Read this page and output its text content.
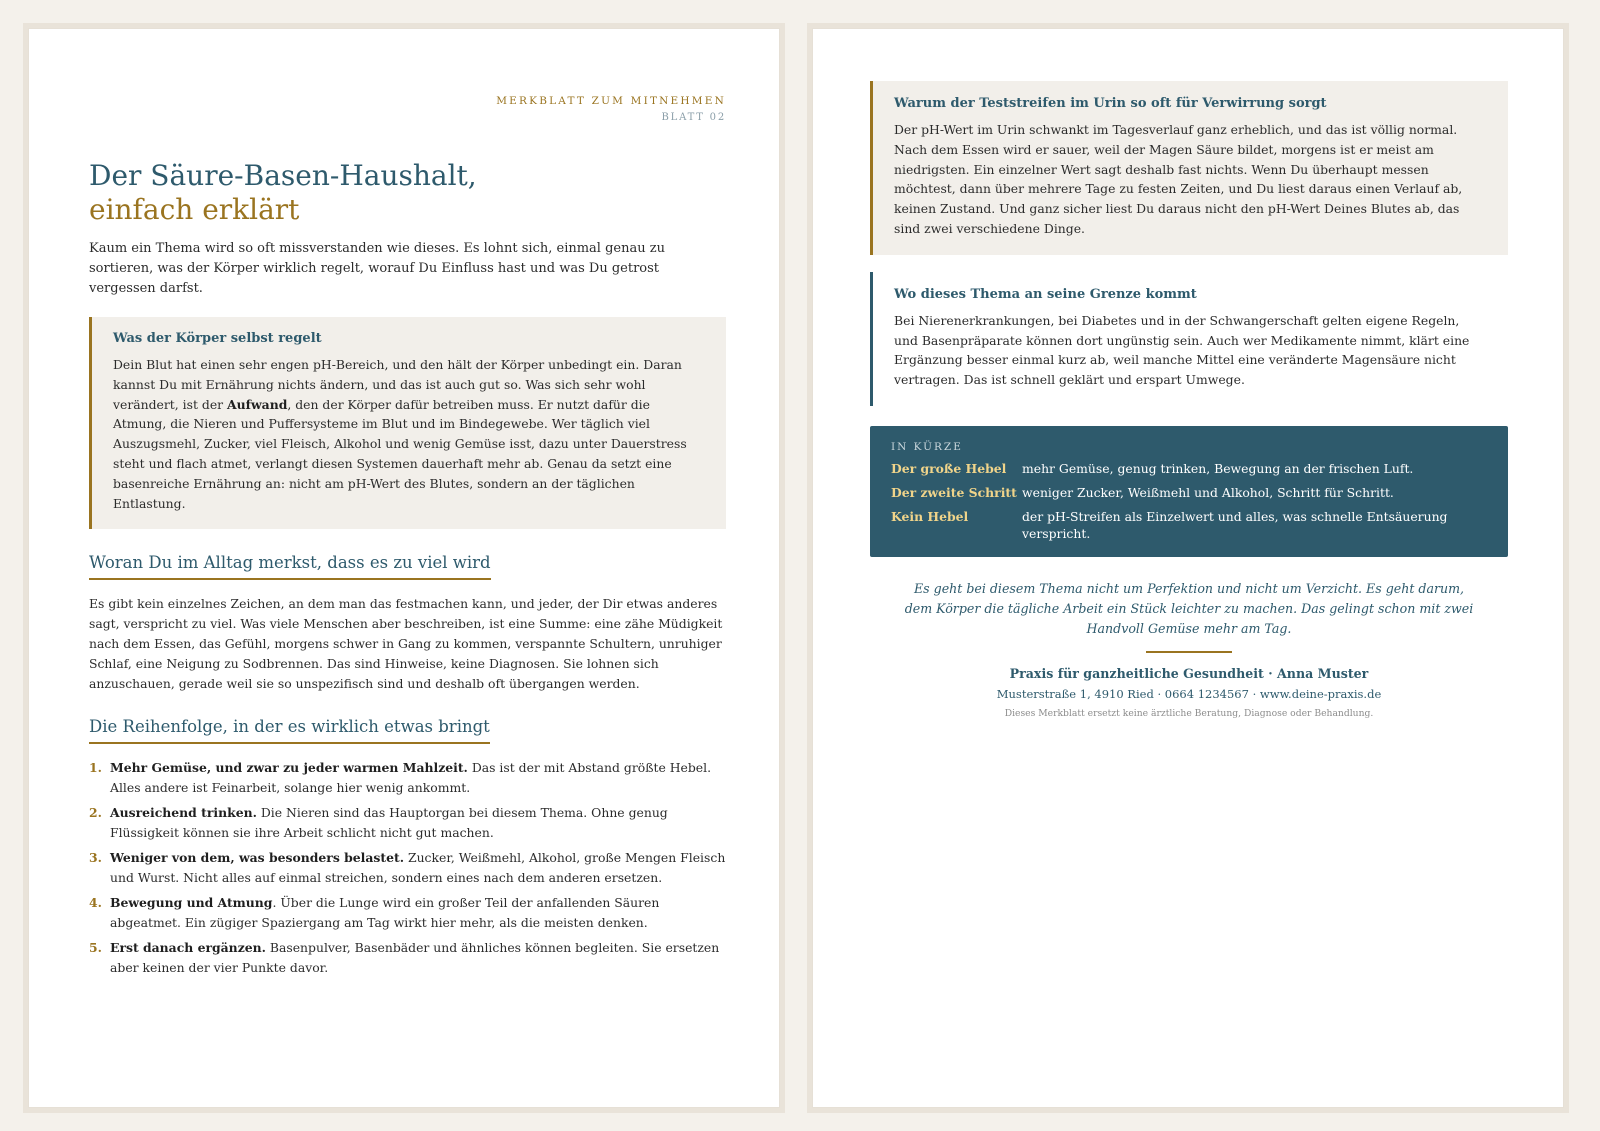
MERKBLATT ZUM MITNEHMEN
BLATT 02
Der Säure-Basen-Haushalt,
einfach erklärt
Kaum ein Thema wird so oft missverstanden wie dieses. Es lohnt sich, einmal genau zu sortieren, was der Körper wirklich regelt, worauf Du Einfluss hast und was Du getrost vergessen darfst.
Was der Körper selbst regelt
Dein Blut hat einen sehr engen pH-Bereich, und den hält der Körper unbedingt ein. Daran kannst Du mit Ernährung nichts ändern, und das ist auch gut so. Was sich sehr wohl verändert, ist der Aufwand, den der Körper dafür betreiben muss. Er nutzt dafür die Atmung, die Nieren und Puffersysteme im Blut und im Bindegewebe. Wer täglich viel Auszugsmehl, Zucker, viel Fleisch, Alkohol und wenig Gemüse isst, dazu unter Dauerstress steht und flach atmet, verlangt diesen Systemen dauerhaft mehr ab. Genau da setzt eine basenreiche Ernährung an: nicht am pH-Wert des Blutes, sondern an der täglichen Entlastung.
Woran Du im Alltag merkst, dass es zu viel wird
Es gibt kein einzelnes Zeichen, an dem man das festmachen kann, und jeder, der Dir etwas anderes sagt, verspricht zu viel. Was viele Menschen aber beschreiben, ist eine Summe: eine zähe Müdigkeit nach dem Essen, das Gefühl, morgens schwer in Gang zu kommen, verspannte Schultern, unruhiger Schlaf, eine Neigung zu Sodbrennen. Das sind Hinweise, keine Diagnosen. Sie lohnen sich anzuschauen, gerade weil sie so unspezifisch sind und deshalb oft übergangen werden.
Die Reihenfolge, in der es wirklich etwas bringt
1. Mehr Gemüse, und zwar zu jeder warmen Mahlzeit. Das ist der mit Abstand größte Hebel. Alles andere ist Feinarbeit, solange hier wenig ankommt.
2. Ausreichend trinken. Die Nieren sind das Hauptorgan bei diesem Thema. Ohne genug Flüssigkeit können sie ihre Arbeit schlicht nicht gut machen.
3. Weniger von dem, was besonders belastet. Zucker, Weißmehl, Alkohol, große Mengen Fleisch und Wurst. Nicht alles auf einmal streichen, sondern eines nach dem anderen ersetzen.
4. Bewegung und Atmung. Über die Lunge wird ein großer Teil der anfallenden Säuren abgeatmet. Ein zügiger Spaziergang am Tag wirkt hier mehr, als die meisten denken.
5. Erst danach ergänzen. Basenpulver, Basenbäder und ähnliches können begleiten. Sie ersetzen aber keinen der vier Punkte davor.
Warum der Teststreifen im Urin so oft für Verwirrung sorgt
Der pH-Wert im Urin schwankt im Tagesverlauf ganz erheblich, und das ist völlig normal. Nach dem Essen wird er sauer, weil der Magen Säure bildet, morgens ist er meist am niedrigsten. Ein einzelner Wert sagt deshalb fast nichts. Wenn Du überhaupt messen möchtest, dann über mehrere Tage zu festen Zeiten, und Du liest daraus einen Verlauf ab, keinen Zustand. Und ganz sicher liest Du daraus nicht den pH-Wert Deines Blutes ab, das sind zwei verschiedene Dinge.
Wo dieses Thema an seine Grenze kommt
Bei Nierenerkrankungen, bei Diabetes und in der Schwangerschaft gelten eigene Regeln, und Basenpräparate können dort ungünstig sein. Auch wer Medikamente nimmt, klärt eine Ergänzung besser einmal kurz ab, weil manche Mittel eine veränderte Magensäure nicht vertragen. Das ist schnell geklärt und erspart Umwege.
IN KÜRZE
Der große Hebel	mehr Gemüse, genug trinken, Bewegung an der frischen Luft.
Der zweite Schritt weniger Zucker, Weißmehl und Alkohol, Schritt für Schritt.
Kein Hebel	der pH-Streifen als Einzelwert und alles, was schnelle Entsäuerung verspricht.
Es geht bei diesem Thema nicht um Perfektion und nicht um Verzicht. Es geht darum, dem Körper die tägliche Arbeit ein Stück leichter zu machen. Das gelingt schon mit zwei Handvoll Gemüse mehr am Tag.
Praxis für ganzheitliche Gesundheit · Anna Muster
Musterstraße 1, 4910 Ried · 0664 1234567 · www.deine-praxis.de
Dieses Merkblatt ersetzt keine ärztliche Beratung, Diagnose oder Behandlung.
